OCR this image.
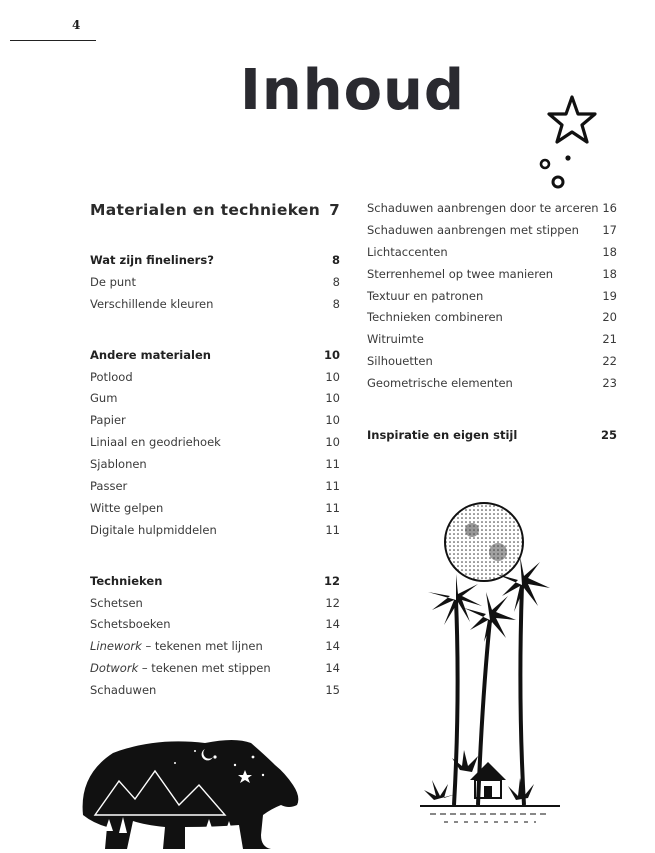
4
Inhoud
Materialen en technieken 7
Wat zijn fineliners?	8
De punt	8
Verschillende kleuren	8
Andere materialen	10
Potlood	10
Gum	10
Papier	10
Liniaal en geodriehoek	10
Sjablonen	11
Passer	11
Witte gelpen	11
Digitale hulpmiddelen	11
Technieken	12
Schetsen	12
Schetsboeken	14
Linework – tekenen met lijnen	14
Dotwork – tekenen met stippen	14
Schaduwen	15
Schaduwen aanbrengen door te arceren 16
Schaduwen aanbrengen met stippen 17
Lichtaccenten	18
Sterrenhemel op twee manieren	18
Textuur en patronen	19
Technieken combineren	20
Witruimte	21
Silhouetten	22
Geometrische elementen	23
Inspiratie en eigen stijl	25
